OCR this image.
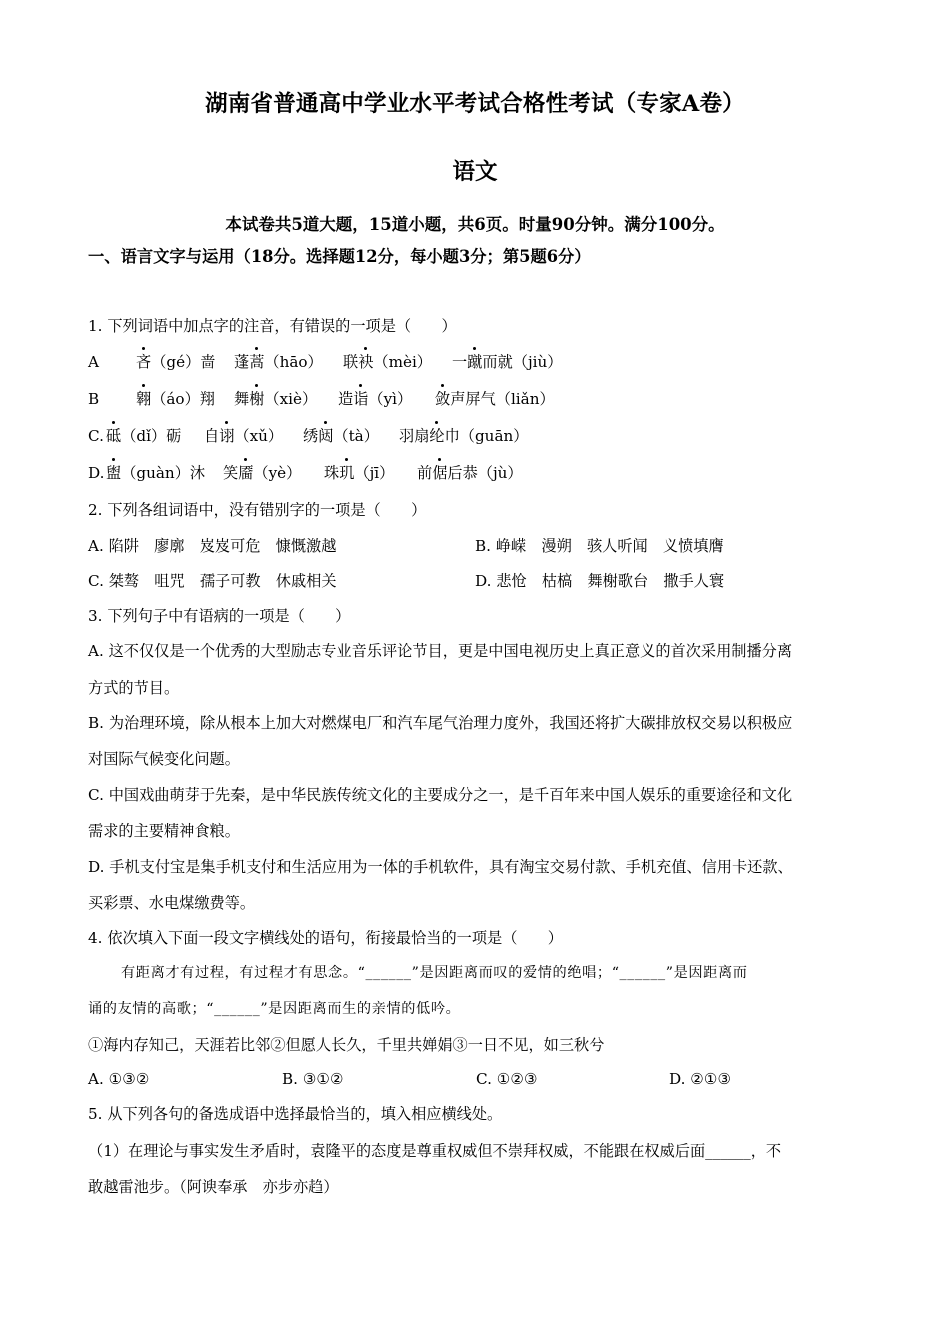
湖南省普通高中学业水平考试合格性考试（专家A卷）
语文
本试卷共5道大题，15道小题，共6页。时量90分钟。满分100分。
一、语言文字与运用（18分。选择题12分，每小题3分；第5题6分）
1. 下列词语中加点字的注音，有错误的一项是（　　）
A 吝（gé）啬 蓬蒿（hāo） 联袂（mèi） 一蹴而就（jiù）
B 翱（áo）翔 舞榭（xiè） 造诣（yì） 敛声屏气（liǎn）
C. 砥（dǐ）砺 自诩（xǔ） 绣闼（tà） 羽扇纶巾（guān）
D. 盥（guàn）沐 笑靥（yè） 珠玑（jī） 前倨后恭（jù）
2. 下列各组词语中，没有错别字的一项是（　　）
A. 陷阱　廖廓　岌岌可危　慷慨激越	B. 峥嵘　漫朔　骇人听闻　义愤填膺
C. 桀骜　咀咒　孺子可教　休戚相关	D. 悲怆　枯槁　舞榭歌台　撒手人寰
3. 下列句子中有语病的一项是（　　）
A. 这不仅仅是一个优秀的大型励志专业音乐评论节目，更是中国电视历史上真正意义的首次采用制播分离
方式的节目。
B. 为治理环境，除从根本上加大对燃煤电厂和汽车尾气治理力度外，我国还将扩大碳排放权交易以积极应
对国际气候变化问题。
C. 中国戏曲萌芽于先秦，是中华民族传统文化的主要成分之一，是千百年来中国人娱乐的重要途径和文化
需求的主要精神食粮。
D. 手机支付宝是集手机支付和生活应用为一体的手机软件，具有淘宝交易付款、手机充值、信用卡还款、
买彩票、水电煤缴费等。
4. 依次填入下面一段文字横线处的语句，衔接最恰当的一项是（　　）
有距离才有过程，有过程才有思念。“______”是因距离而叹的爱情的绝唱；“______”是因距离而
诵的友情的高歌；“______”是因距离而生的亲情的低吟。
①海内存知己，天涯若比邻②但愿人长久，千里共婵娟③一日不见，如三秋兮
A. ①③②	B. ③①②	C. ①②③	D. ②①③
5. 从下列各句的备选成语中选择最恰当的，填入相应横线处。
（1）在理论与事实发生矛盾时，袁隆平的态度是尊重权威但不崇拜权威，不能跟在权威后面______，不
敢越雷池步。（阿谀奉承　亦步亦趋）
